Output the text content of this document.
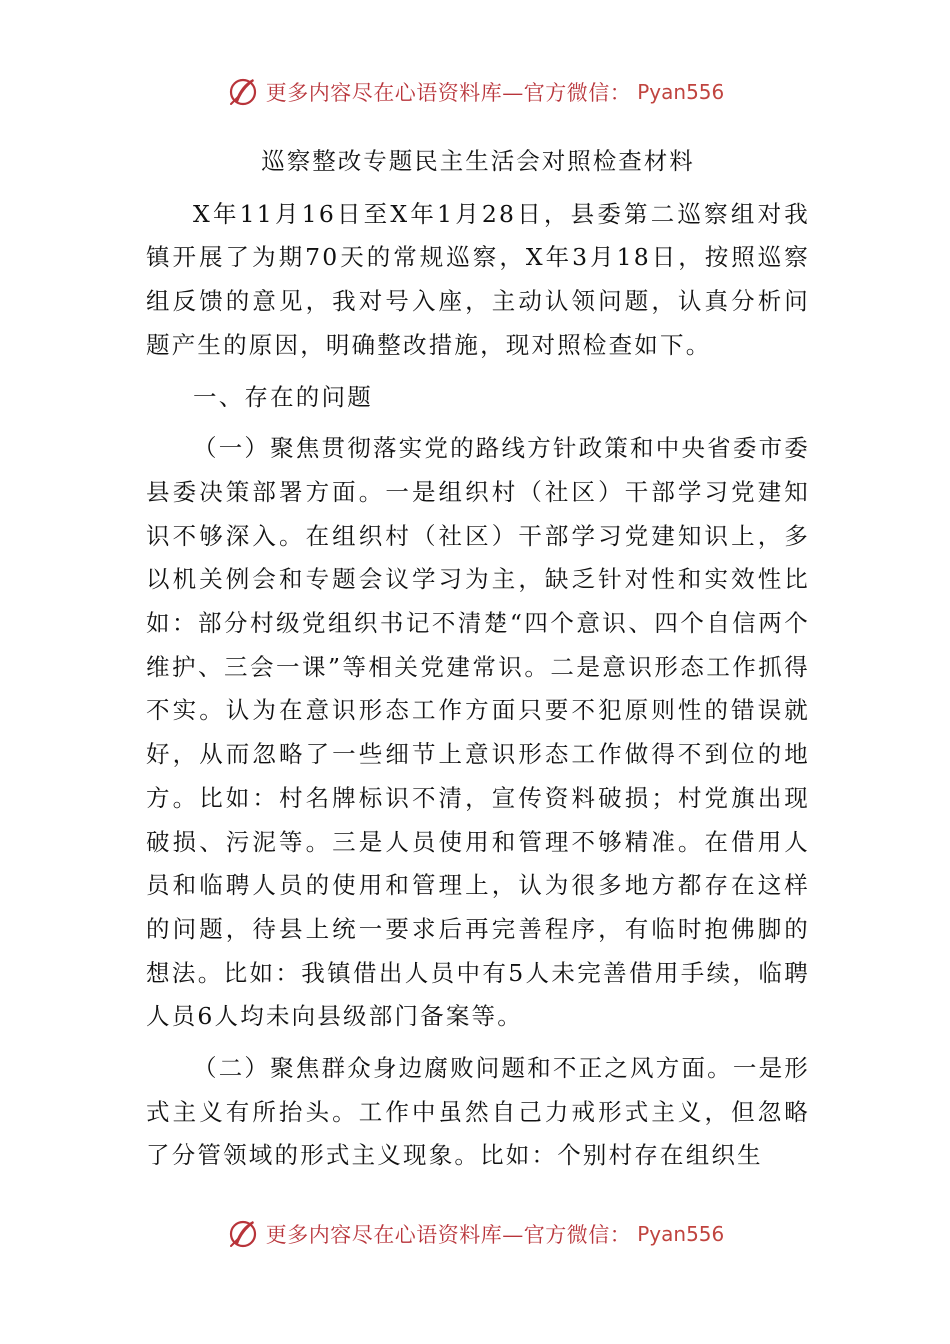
更多内容尽在心语资料库—官方微信： Pyan556
巡察整改专题民主生活会对照检查材料

X年11月16日至X年1月28日，县委第二巡察组对我镇开展了为期70天的常规巡察，X年3月18日，按照巡察组反馈的意见，我对号入座，主动认领问题，认真分析问题产生的原因，明确整改措施，现对照检查如下。

一、存在的问题

（一）聚焦贯彻落实党的路线方针政策和中央省委市委县委决策部署方面。一是组织村（社区）干部学习党建知识不够深入。在组织村（社区）干部学习党建知识上，多以机关例会和专题会议学习为主，缺乏针对性和实效性比如：部分村级党组织书记不清楚“四个意识、四个自信两个维护、三会一课”等相关党建常识。二是意识形态工作抓得不实。认为在意识形态工作方面只要不犯原则性的错误就好，从而忽略了一些细节上意识形态工作做得不到位的地方。比如：村名牌标识不清，宣传资料破损；村党旗出现破损、污泥等。三是人员使用和管理不够精准。在借用人员和临聘人员的使用和管理上，认为很多地方都存在这样的问题，待县上统一要求后再完善程序，有临时抱佛脚的想法。比如：我镇借出人员中有5人未完善借用手续，临聘人员6人均未向县级部门备案等。

（二）聚焦群众身边腐败问题和不正之风方面。一是形式主义有所抬头。工作中虽然自己力戒形式主义，但忽略了分管领域的形式主义现象。比如：个别村存在组织生

更多内容尽在心语资料库—官方微信： Pyan556
